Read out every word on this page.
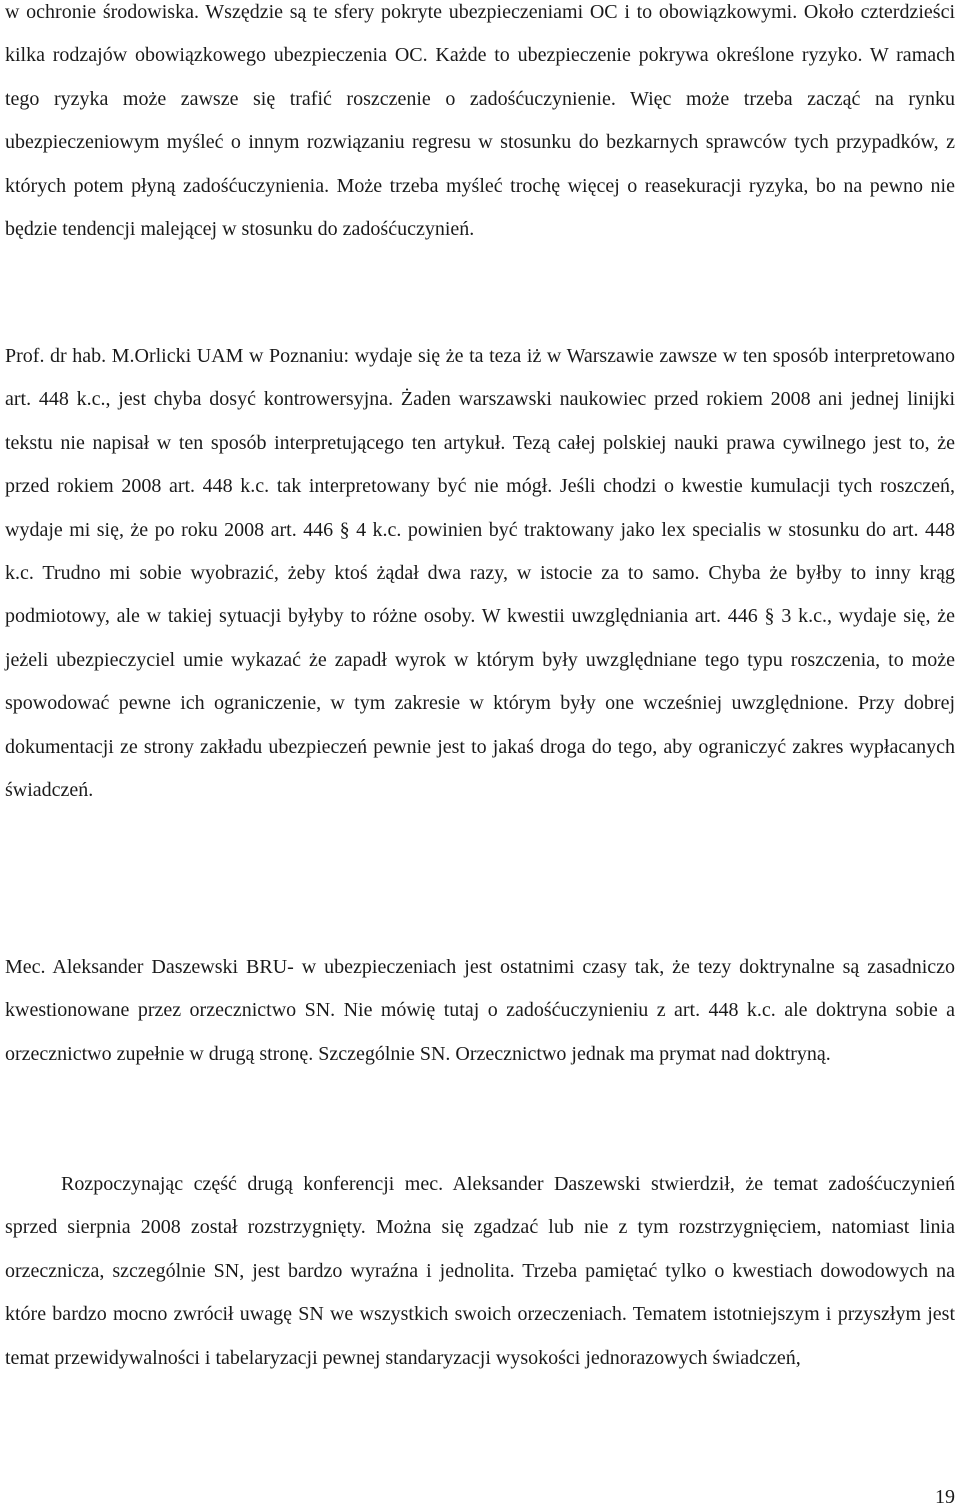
w ochronie środowiska. Wszędzie są te sfery pokryte ubezpieczeniami OC i to obowiązkowymi. Około czterdzieści kilka rodzajów obowiązkowego ubezpieczenia OC. Każde to ubezpieczenie pokrywa określone ryzyko. W ramach tego ryzyka może zawsze się trafić roszczenie o zadośćuczynienie. Więc może trzeba zacząć na rynku ubezpieczeniowym myśleć o innym rozwiązaniu regresu w stosunku do bezkarnych sprawców tych przypadków, z których potem płyną zadośćuczynienia. Może trzeba myśleć trochę więcej o reasekuracji ryzyka, bo na pewno nie będzie tendencji malejącej w stosunku do zadośćuczynień.

Prof. dr hab. M.Orlicki UAM w Poznaniu: wydaje się że ta teza iż w Warszawie zawsze w ten sposób interpretowano art. 448 k.c., jest chyba dosyć kontrowersyjna. Żaden warszawski naukowiec przed rokiem 2008 ani jednej linijki tekstu nie napisał w ten sposób interpretującego ten artykuł. Tezą całej polskiej nauki prawa cywilnego jest to, że przed rokiem 2008 art. 448 k.c. tak interpretowany być nie mógł. Jeśli chodzi o kwestie kumulacji tych roszczeń, wydaje mi się, że po roku 2008 art. 446 § 4 k.c. powinien być traktowany jako lex specialis w stosunku do art. 448 k.c. Trudno mi sobie wyobrazić, żeby ktoś żądał dwa razy, w istocie za to samo. Chyba że byłby to inny krąg podmiotowy, ale w takiej sytuacji byłyby to różne osoby. W kwestii uwzględniania art. 446 § 3 k.c., wydaje się, że jeżeli ubezpieczyciel umie wykazać że zapadł wyrok w którym były uwzględniane tego typu roszczenia, to może spowodować pewne ich ograniczenie, w tym zakresie w którym były one wcześniej uwzględnione. Przy dobrej dokumentacji ze strony zakładu ubezpieczeń pewnie jest to jakaś droga do tego, aby ograniczyć zakres wypłacanych świadczeń.

Mec. Aleksander Daszewski BRU- w ubezpieczeniach jest ostatnimi czasy tak, że tezy doktrynalne są zasadniczo kwestionowane przez orzecznictwo SN. Nie mówię tutaj o zadośćuczynieniu z art. 448 k.c. ale doktryna sobie a orzecznictwo zupełnie w drugą stronę. Szczególnie SN. Orzecznictwo jednak ma prymat nad doktryną.

Rozpoczynając część drugą konferencji mec. Aleksander Daszewski stwierdził, że temat zadośćuczynień sprzed sierpnia 2008 został rozstrzygnięty. Można się zgadzać lub nie z tym rozstrzygnięciem, natomiast linia orzecznicza, szczególnie SN, jest bardzo wyraźna i jednolita. Trzeba pamiętać tylko o kwestiach dowodowych na które bardzo mocno zwrócił uwagę SN we wszystkich swoich orzeczeniach. Tematem istotniejszym i przyszłym jest temat przewidywalności i tabelaryzacji pewnej standaryzacji wysokości jednorazowych świadczeń,

19
